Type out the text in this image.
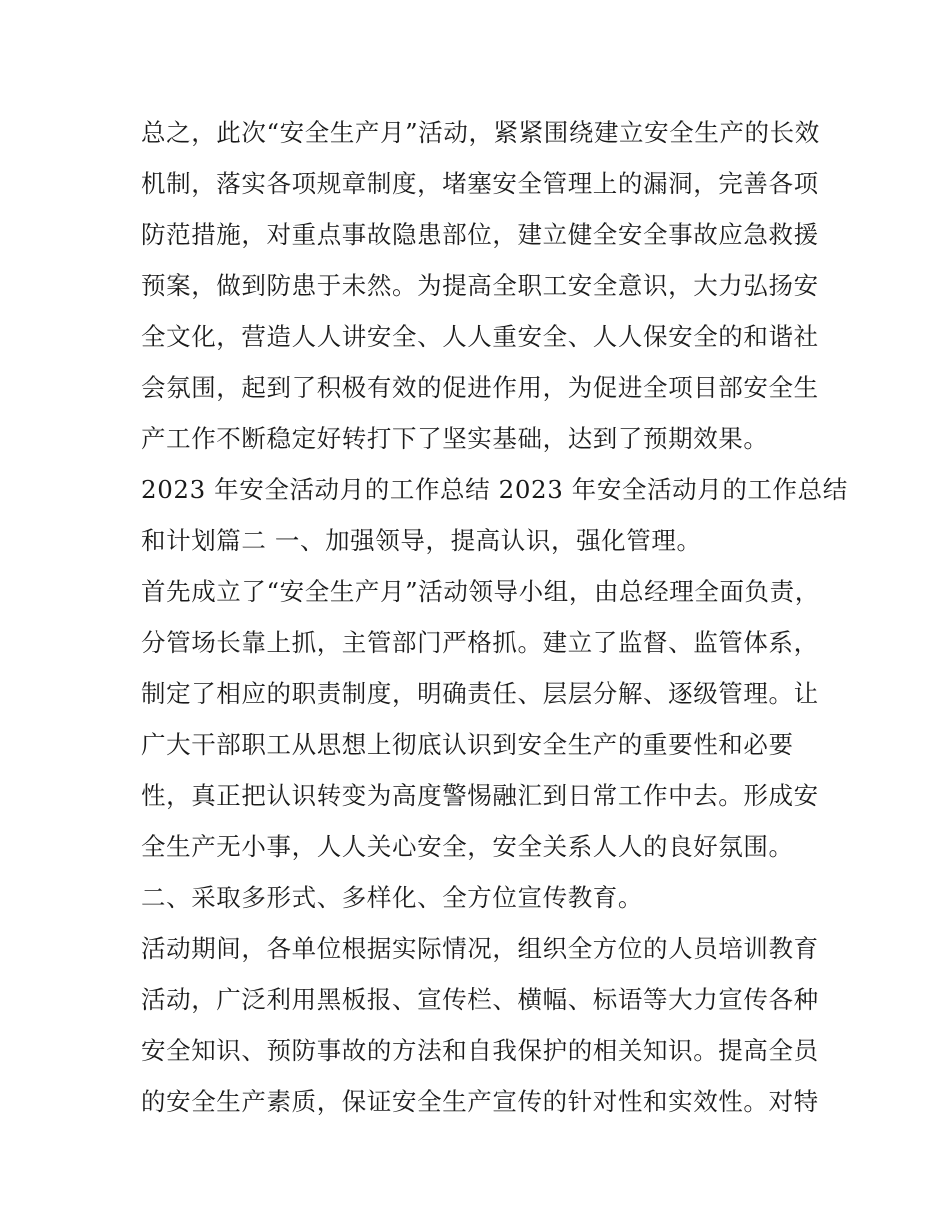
总之，此次“安全生产月”活动，紧紧围绕建立安全生产的长效
机制，落实各项规章制度，堵塞安全管理上的漏洞，完善各项
防范措施，对重点事故隐患部位，建立健全安全事故应急救援
预案，做到防患于未然。为提高全职工安全意识，大力弘扬安
全文化，营造人人讲安全、人人重安全、人人保安全的和谐社
会氛围，起到了积极有效的促进作用，为促进全项目部安全生
产工作不断稳定好转打下了坚实基础，达到了预期效果。
2023 年安全活动月的工作总结 2023 年安全活动月的工作总结
和计划篇二 一、加强领导，提高认识，强化管理。
首先成立了“安全生产月”活动领导小组，由总经理全面负责，
分管场长靠上抓，主管部门严格抓。建立了监督、监管体系，
制定了相应的职责制度，明确责任、层层分解、逐级管理。让
广大干部职工从思想上彻底认识到安全生产的重要性和必要
性，真正把认识转变为高度警惕融汇到日常工作中去。形成安
全生产无小事，人人关心安全，安全关系人人的良好氛围。
二、采取多形式、多样化、全方位宣传教育。
活动期间，各单位根据实际情况，组织全方位的人员培训教育
活动，广泛利用黑板报、宣传栏、横幅、标语等大力宣传各种
安全知识、预防事故的方法和自我保护的相关知识。提高全员
的安全生产素质，保证安全生产宣传的针对性和实效性。对特
